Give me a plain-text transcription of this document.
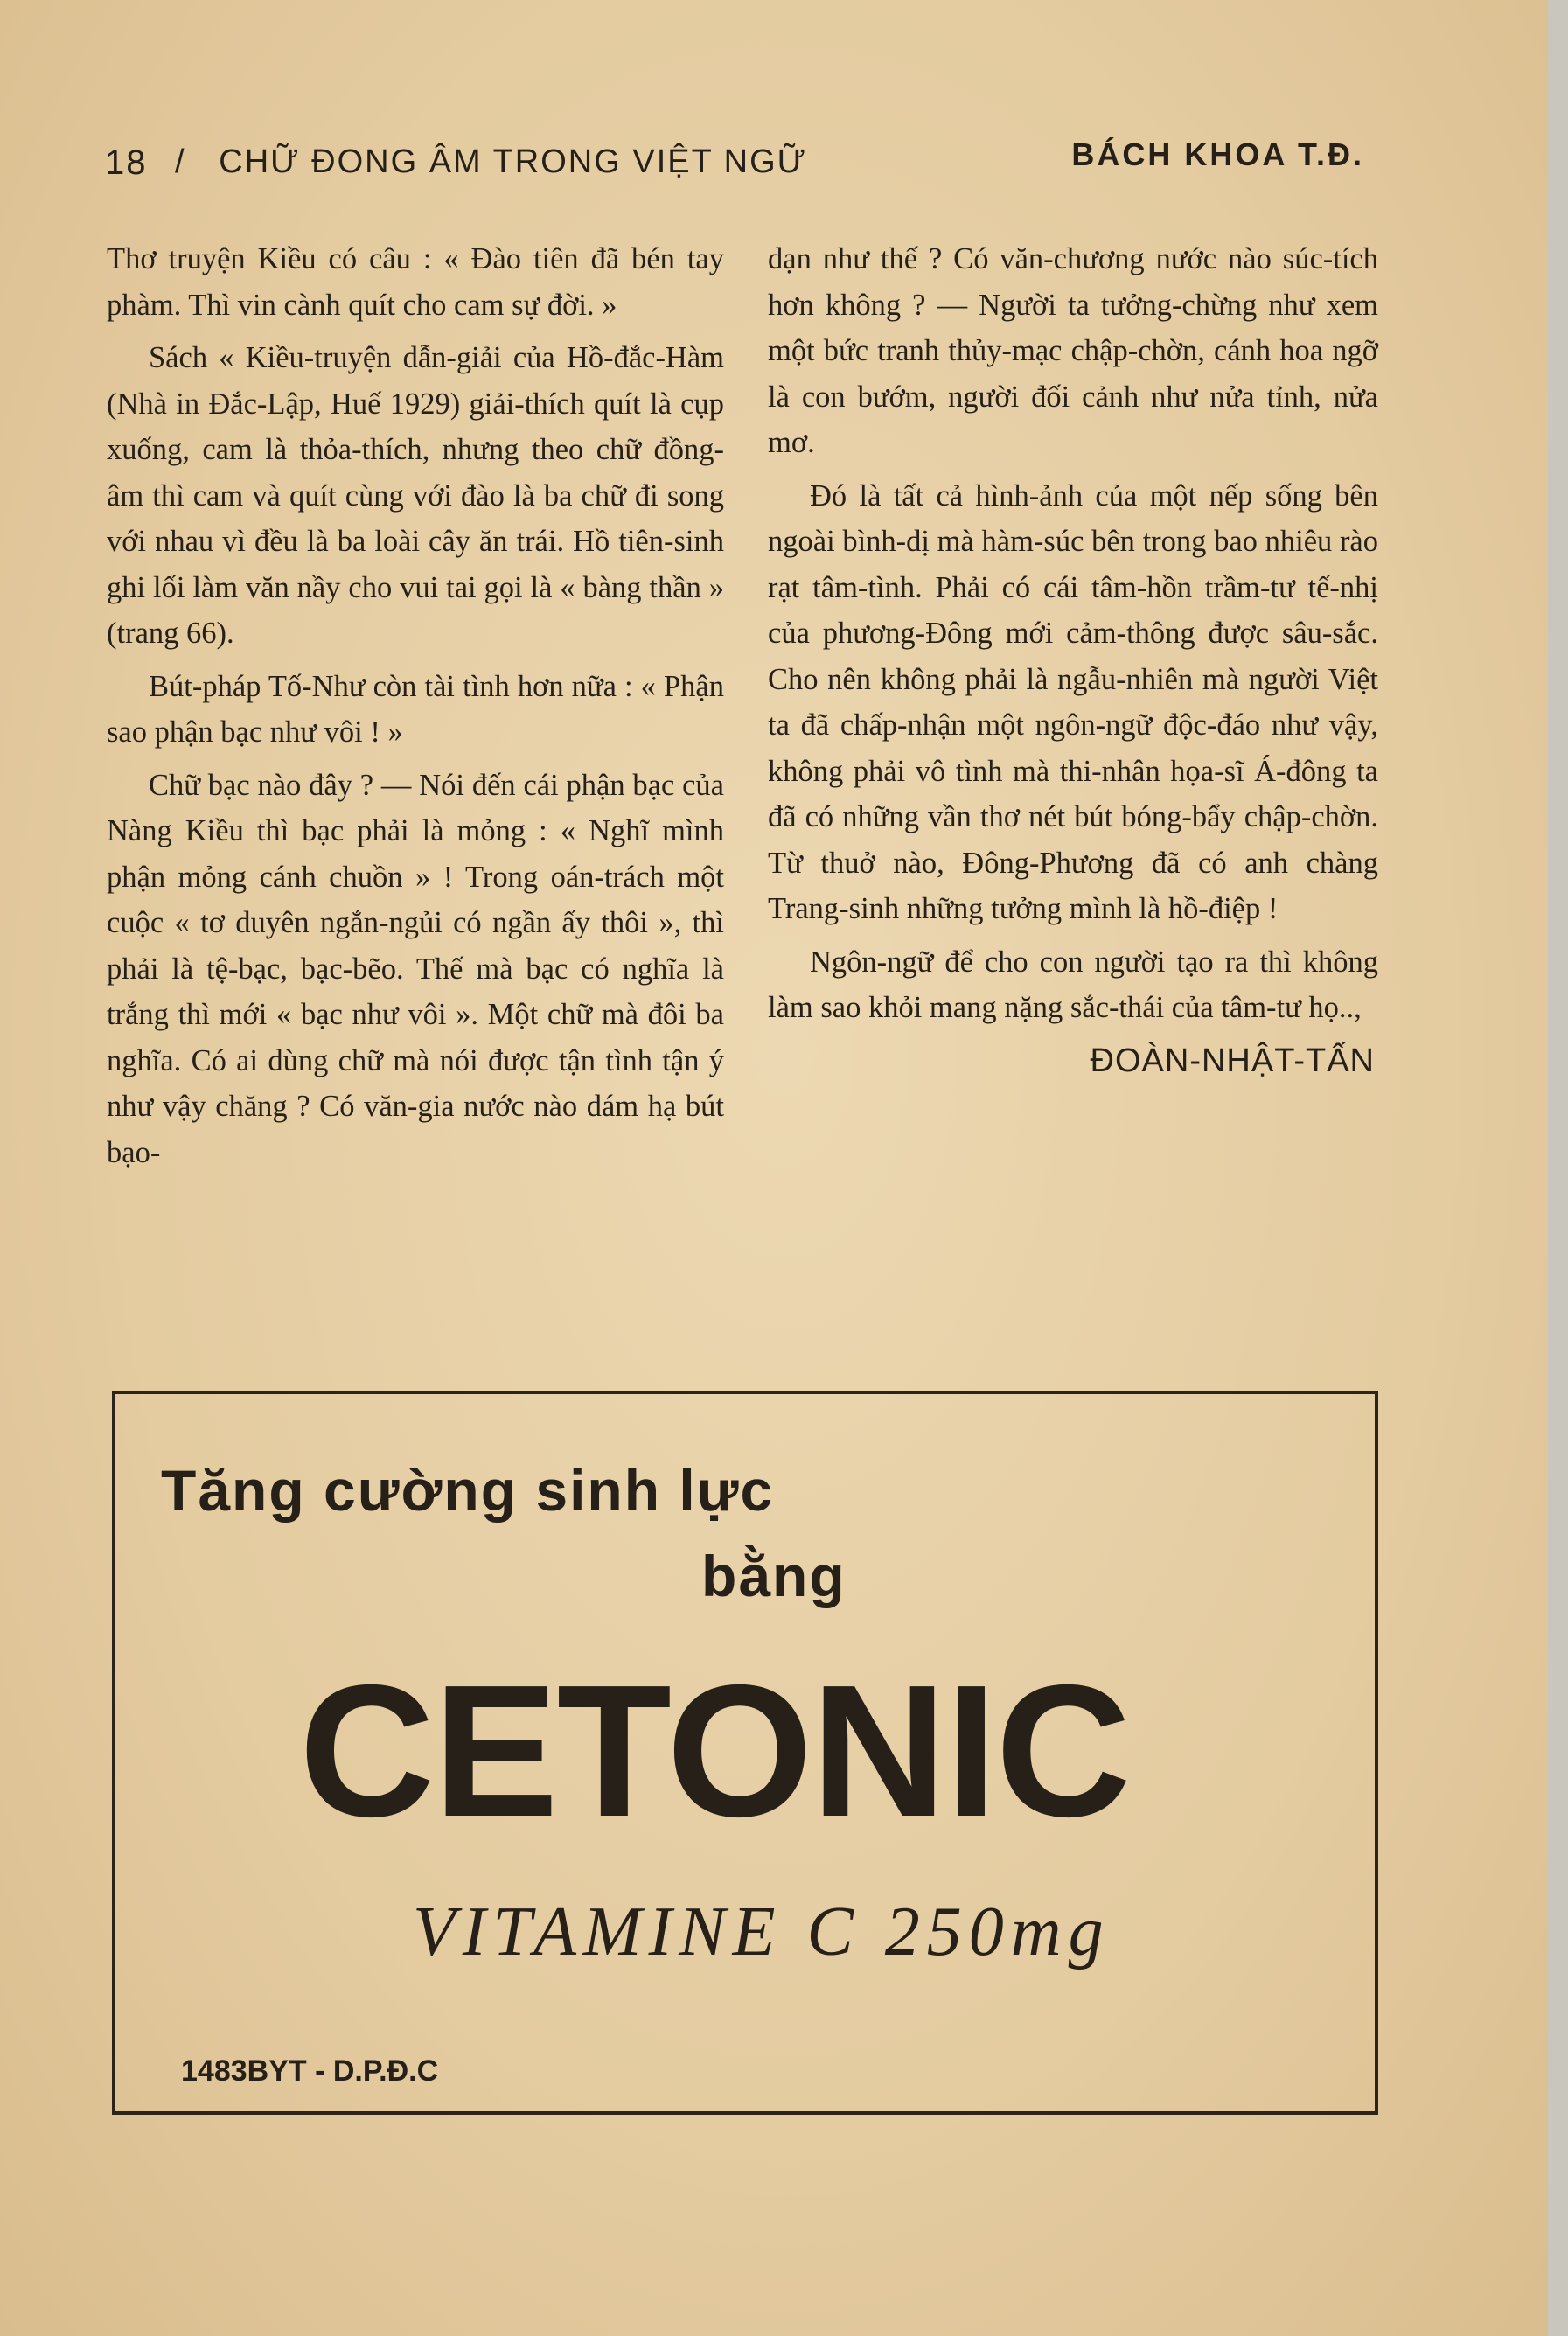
18 / CHỮ ĐONG ÂM TRONG VIỆT NGỮ	BÁCH KHOA T.Đ.

Thơ truyện Kiều có câu : « Đào tiên đã bén tay phàm. Thì vin cành quít cho cam sự đời. »

Sách « Kiều-truyện dẫn-giải của Hồ-đắc-Hàm (Nhà in Đắc-Lập, Huế 1929) giải-thích quít là cụp xuống, cam là thỏa-thích, nhưng theo chữ đồng-âm thì cam và quít cùng với đào là ba chữ đi song với nhau vì đều là ba loài cây ăn trái. Hồ tiên-sinh ghi lối làm văn nầy cho vui tai gọi là « bàng thần » (trang 66).

Bút-pháp Tố-Như còn tài tình hơn nữa : « Phận sao phận bạc như vôi ! »

Chữ bạc nào đây ? — Nói đến cái phận bạc của Nàng Kiều thì bạc phải là mỏng : « Nghĩ mình phận mỏng cánh chuồn » ! Trong oán-trách một cuộc « tơ duyên ngắn-ngủi có ngần ấy thôi », thì phải là tệ-bạc, bạc-bẽo. Thế mà bạc có nghĩa là trắng thì mới « bạc như vôi ». Một chữ mà đôi ba nghĩa. Có ai dùng chữ mà nói được tận tình tận ý như vậy chăng ? Có văn-gia nước nào dám hạ bút bạo-

dạn như thế ? Có văn-chương nước nào súc-tích hơn không ? — Người ta tưởng-chừng như xem một bức tranh thủy-mạc chập-chờn, cánh hoa ngỡ là con bướm, người đối cảnh như nửa tỉnh, nửa mơ.

Đó là tất cả hình-ảnh của một nếp sống bên ngoài bình-dị mà hàm-súc bên trong bao nhiêu rào rạt tâm-tình. Phải có cái tâm-hồn trầm-tư tế-nhị của phương-Đông mới cảm-thông được sâu-sắc. Cho nên không phải là ngẫu-nhiên mà người Việt ta đã chấp-nhận một ngôn-ngữ độc-đáo như vậy, không phải vô tình mà thi-nhân họa-sĩ Á-đông ta đã có những vần thơ nét bút bóng-bẩy chập-chờn. Từ thuở nào, Đông-Phương đã có anh chàng Trang-sinh những tưởng mình là hồ-điệp !

Ngôn-ngữ để cho con người tạo ra thì không làm sao khỏi mang nặng sắc-thái của tâm-tư họ..,

ĐOÀN-NHẬT-TẤN
Tăng cường sinh lực
bằng
CETONIC
VITAMINE C 250mg
1483BYT - D.P.Đ.C
